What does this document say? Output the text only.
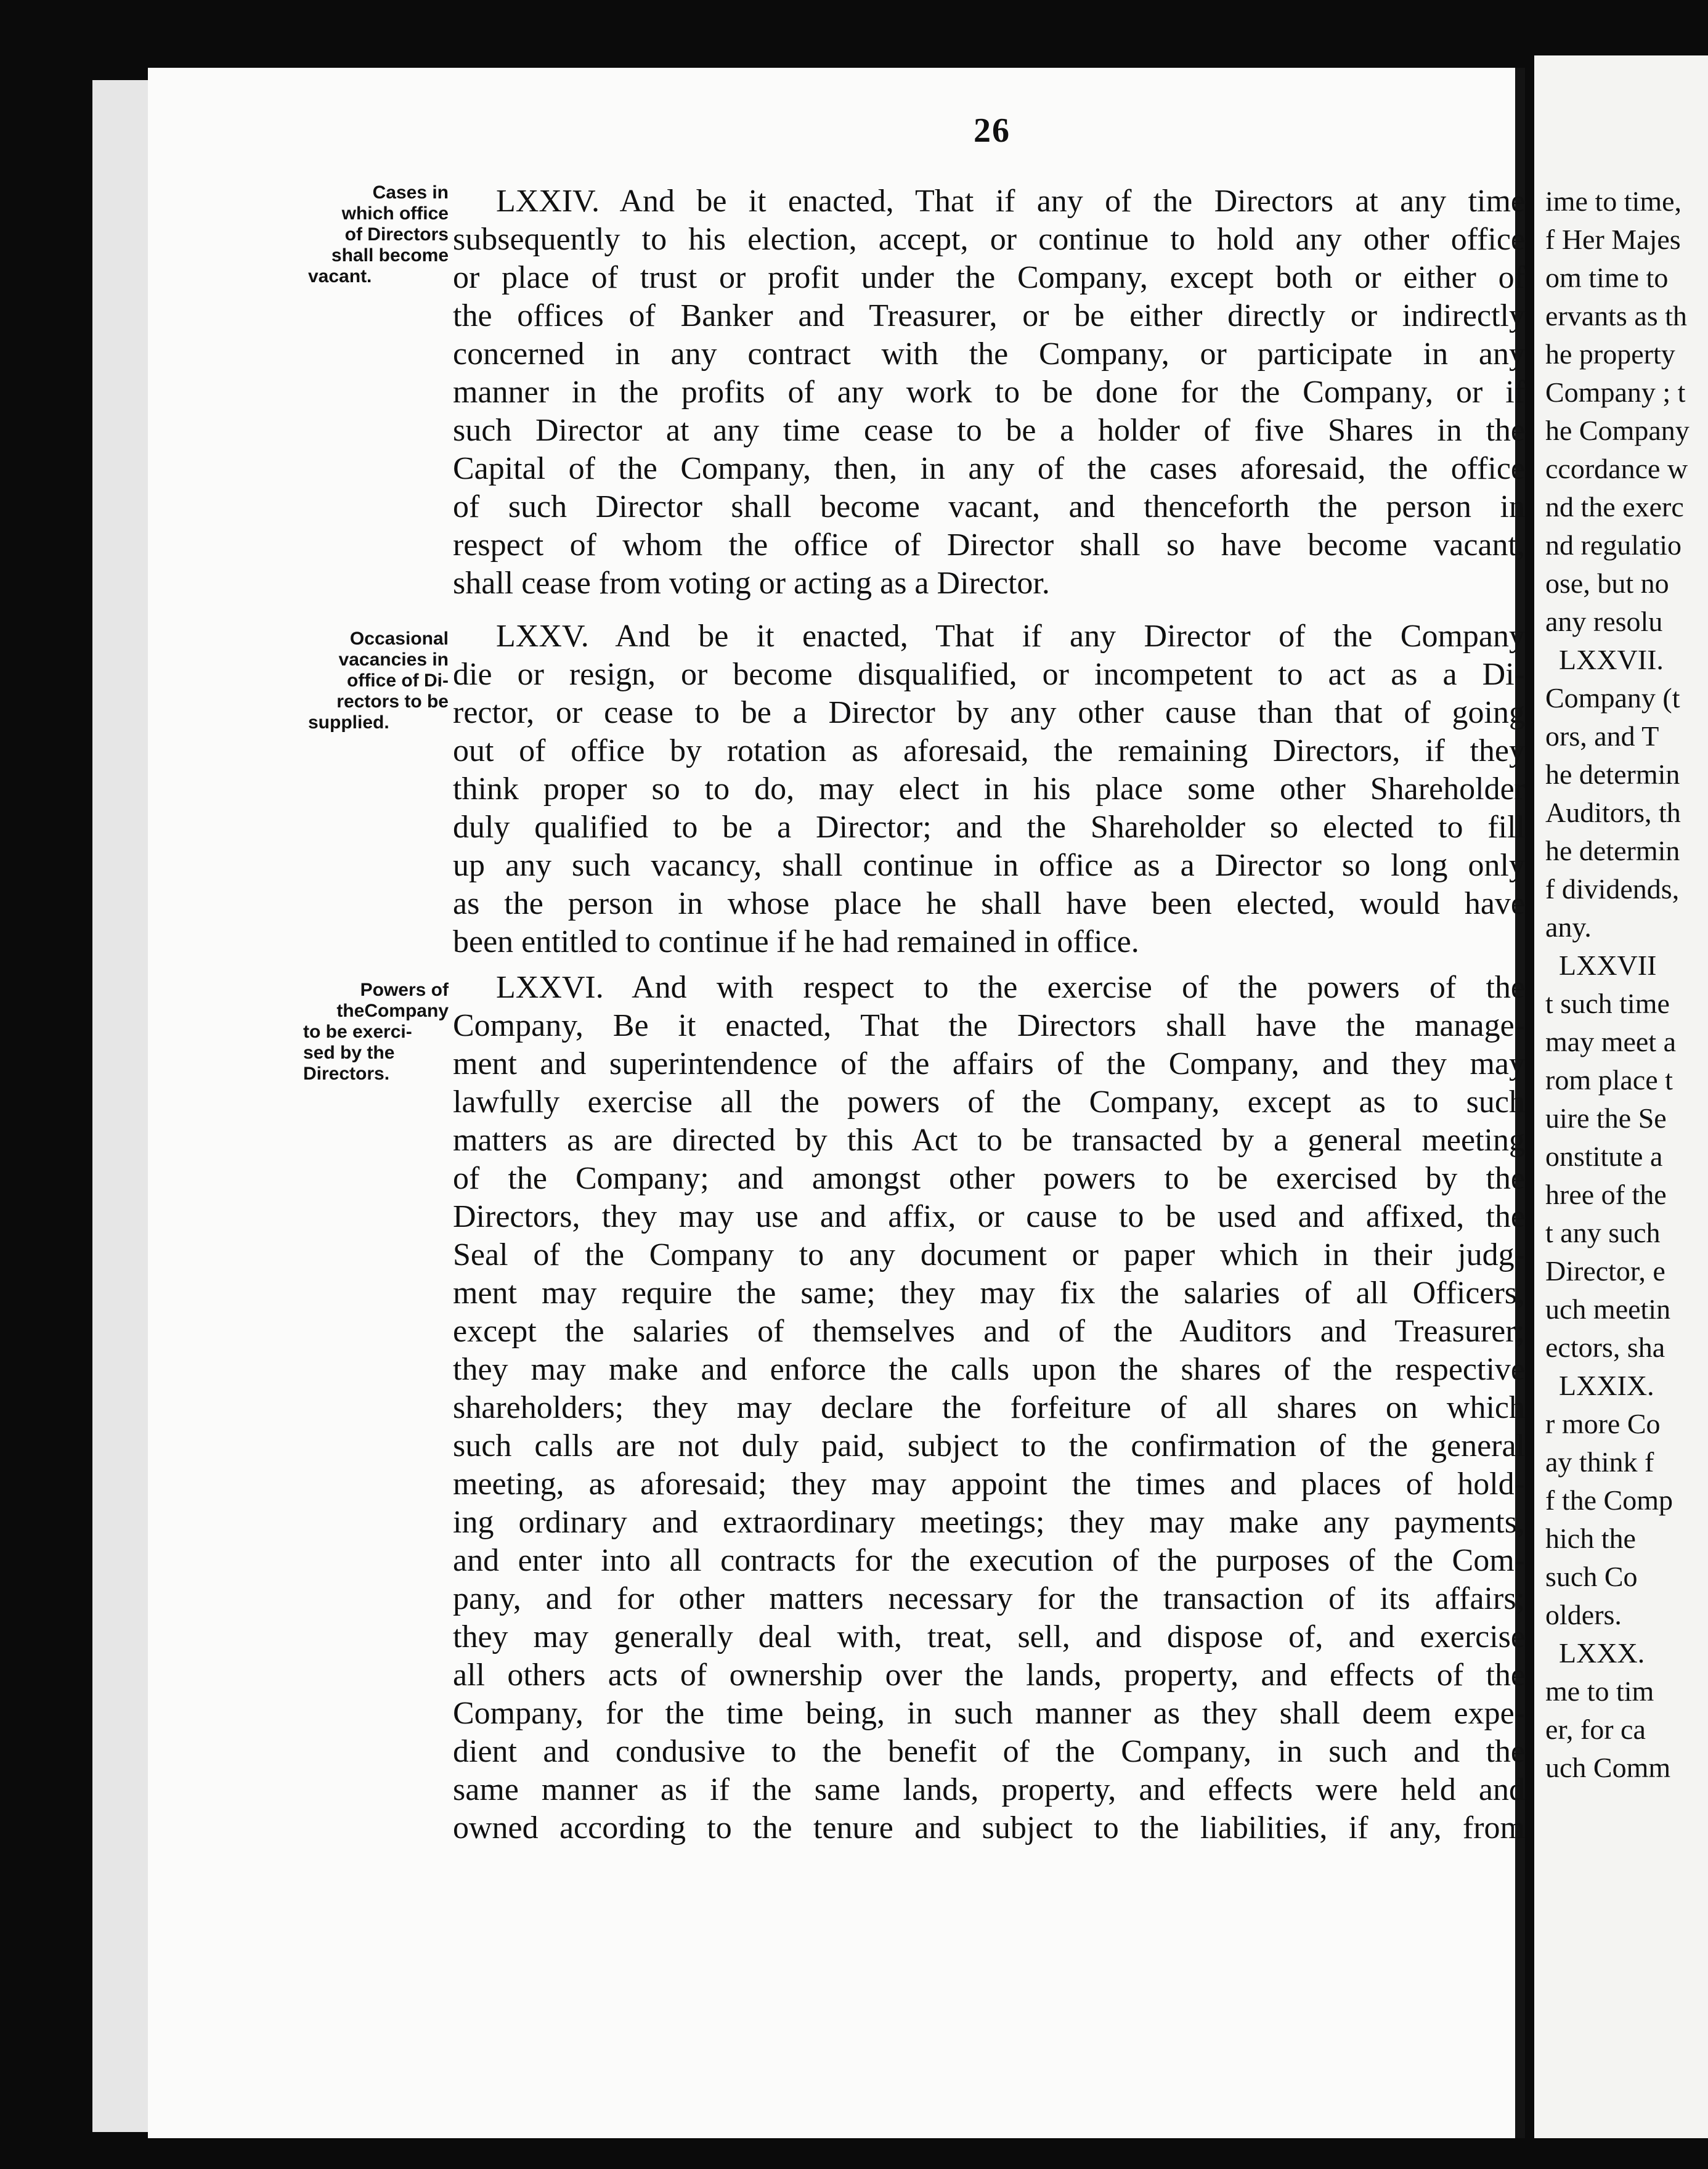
26
Cases in
which office
of Directors
shall become
vacant.
LXXIV. And be it enacted, That if any of the Directors at any time
subsequently to his election, accept, or continue to hold any other office
or place of trust or profit under the Company, except both or either of
the offices of Banker and Treasurer, or be either directly or indirectly
concerned in any contract with the Company, or participate in any
manner in the profits of any work to be done for the Company, or if
such Director at any time cease to be a holder of five Shares in the
Capital of the Company, then, in any of the cases aforesaid, the office
of such Director shall become vacant, and thenceforth the person in
respect of whom the office of Director shall so have become vacant,
shall cease from voting or acting as a Director.
Occasional
vacancies in
office of Di-
rectors to be
supplied.
LXXV. And be it enacted, That if any Director of the Company
die or resign, or become disqualified, or incompetent to act as a Di-
rector, or cease to be a Director by any other cause than that of going
out of office by rotation as aforesaid, the remaining Directors, if they
think proper so to do, may elect in his place some other Shareholder
duly qualified to be a Director; and the Shareholder so elected to fill
up any such vacancy, shall continue in office as a Director so long only
as the person in whose place he shall have been elected, would have
been entitled to continue if he had remained in office.
Powers of
theCompany
to be exerci-
sed by the
Directors.
LXXVI. And with respect to the exercise of the powers of the
Company, Be it enacted, That the Directors shall have the manage-
ment and superintendence of the affairs of the Company, and they may
lawfully exercise all the powers of the Company, except as to such
matters as are directed by this Act to be transacted by a general meeting
of the Company; and amongst other powers to be exercised by the
Directors, they may use and affix, or cause to be used and affixed, the
Seal of the Company to any document or paper which in their judg-
ment may require the same; they may fix the salaries of all Officers,
except the salaries of themselves and of the Auditors and Treasurer;
they may make and enforce the calls upon the shares of the respective
shareholders; they may declare the forfeiture of all shares on which
such calls are not duly paid, subject to the confirmation of the general
meeting, as aforesaid; they may appoint the times and places of hold-
ing ordinary and extraordinary meetings; they may make any payments,
and enter into all contracts for the execution of the purposes of the Com-
pany, and for other matters necessary for the transaction of its affairs;
they may generally deal with, treat, sell, and dispose of, and exercise
all others acts of ownership over the lands, property, and effects of the
Company, for the time being, in such manner as they shall deem expe-
dient and condusive to the benefit of the Company, in such and the
same manner as if the same lands, property, and effects were held and
owned according to the tenure and subject to the liabilities, if any, from
ime to time,
f Her Majes
om time to
ervants as th
he property
Company ; t
he Company
ccordance w
nd the exerc
nd regulatio
ose, but no
any resolu
LXXVII.
Company (t
ors, and T
he determin
Auditors, th
he determin
f dividends,
any.
LXXVII
t such time
may meet a
rom place t
uire the Se
onstitute a
hree of the
t any such
Director, e
uch meetin
ectors, sha
LXXIX.
r more Co
ay think f
f the Comp
hich the
such Co
olders.
LXXX.
me to tim
er, for ca
uch Comm
